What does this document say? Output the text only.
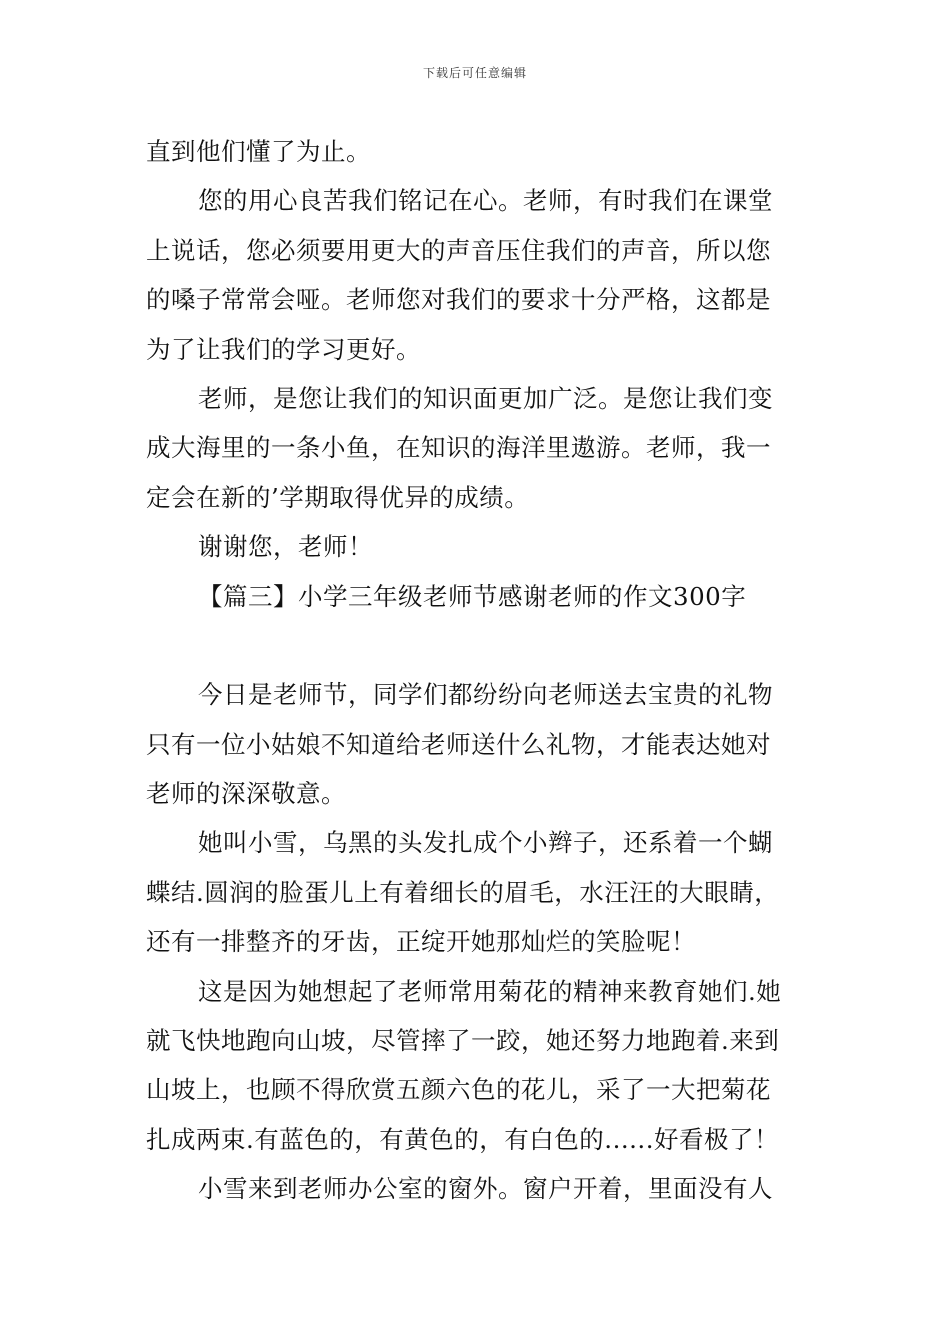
下载后可任意编辑
直到他们懂了为止。
您的用心良苦我们铭记在心。老师，有时我们在课堂
上说话，您必须要用更大的声音压住我们的声音，所以您
的嗓子常常会哑。老师您对我们的要求十分严格，这都是
为了让我们的学习更好。
老师，是您让我们的知识面更加广泛。是您让我们变
成大海里的一条小鱼，在知识的海洋里遨游。老师，我一
定会在新的’学期取得优异的成绩。
谢谢您，老师！
【篇三】小学三年级老师节感谢老师的作文300字
今日是老师节，同学们都纷纷向老师送去宝贵的礼物
只有一位小姑娘不知道给老师送什么礼物，才能表达她对
老师的深深敬意。
她叫小雪，乌黑的头发扎成个小辫子，还系着一个蝴
蝶结.圆润的脸蛋儿上有着细长的眉毛，水汪汪的大眼睛，
还有一排整齐的牙齿，正绽开她那灿烂的笑脸呢！
这是因为她想起了老师常用菊花的精神来教育她们.她
就飞快地跑向山坡，尽管摔了一跤，她还努力地跑着.来到
山坡上，也顾不得欣赏五颜六色的花儿，采了一大把菊花
扎成两束.有蓝色的，有黄色的，有白色的......好看极了！
小雪来到老师办公室的窗外。窗户开着，里面没有人
